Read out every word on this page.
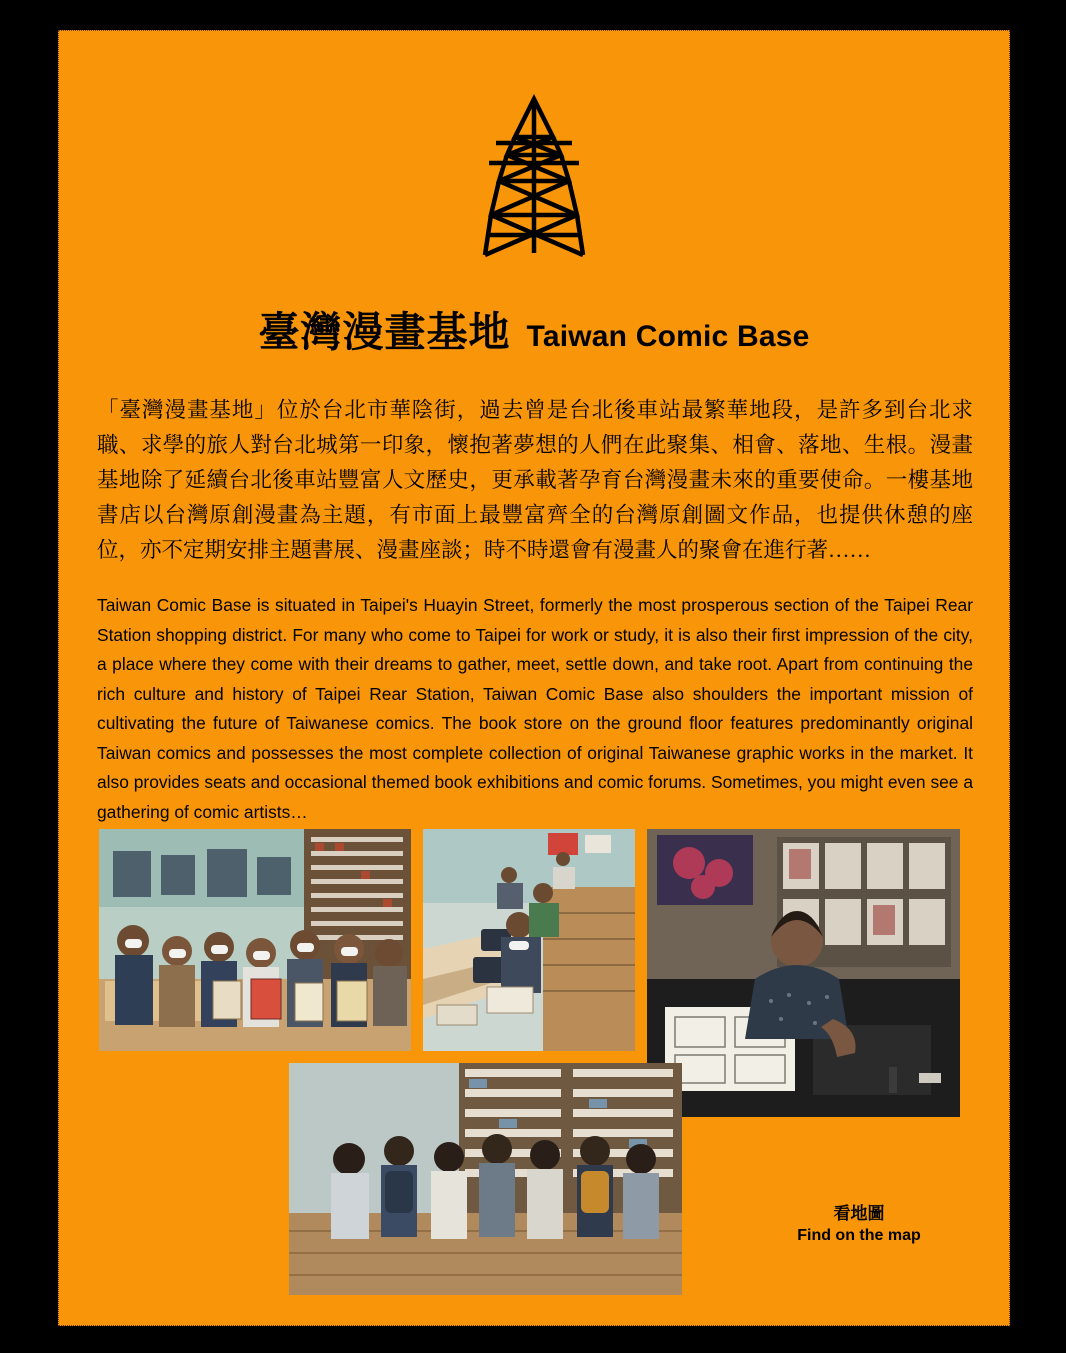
臺灣漫畫基地 Taiwan Comic Base

「臺灣漫畫基地」位於台北市華陰街，過去曾是台北後車站最繁華地段，是許多到台北求職、求學的旅人對台北城第一印象，懷抱著夢想的人們在此聚集、相會、落地、生根。漫畫基地除了延續台北後車站豐富人文歷史，更承載著孕育台灣漫畫未來的重要使命。一樓基地書店以台灣原創漫畫為主題，有市面上最豐富齊全的台灣原創圖文作品，也提供休憩的座位，亦不定期安排主題書展、漫畫座談；時不時還會有漫畫人的聚會在進行著……

Taiwan Comic Base is situated in Taipei's Huayin Street, formerly the most prosperous section of the Taipei Rear Station shopping district. For many who come to Taipei for work or study, it is also their first impression of the city, a place where they come with their dreams to gather, meet, settle down, and take root. Apart from continuing the rich culture and history of Taipei Rear Station, Taiwan Comic Base also shoulders the important mission of cultivating the future of Taiwanese comics. The book store on the ground floor features predominantly original Taiwan comics and possesses the most complete collection of original Taiwanese graphic works in the market. It also provides seats and occasional themed book exhibitions and comic forums. Sometimes, you might even see a gathering of comic artists…

看地圖
Find on the map
